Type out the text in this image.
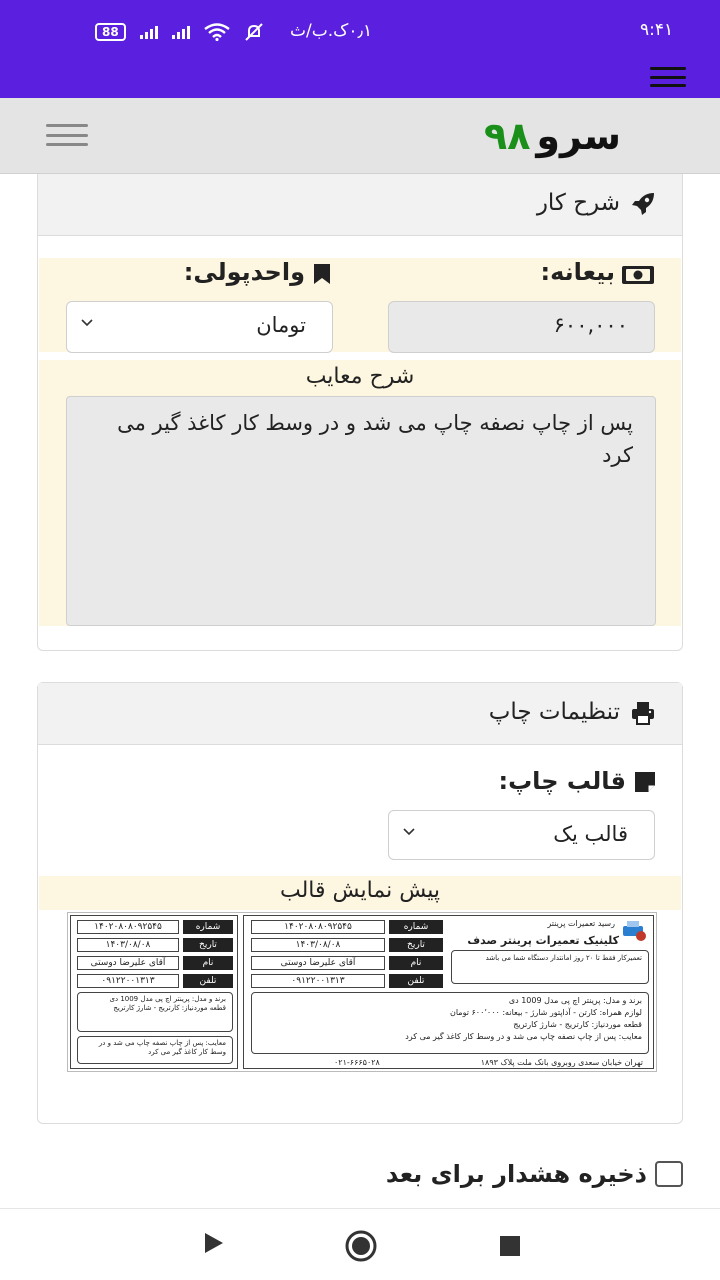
88	۰٫۱ک.ب/ث	۹:۴۱
۹۸ سرو
شرح کار
بیعانه:
واحدپولی:
۶۰۰,۰۰۰
تومان
شرح معایب
پس از چاپ نصفه چاپ می شد و در وسط کار کاغذ گیر می کرد
تنظیمات چاپ
قالب چاپ:
قالب یک
پیش نمایش قالب
رسید تعمیرات پرینتر
کلینیک تعمیرات پرینتر صدف
تعمیرکار فقط تا ۲۰ روز امانتدار دستگاه شما می باشد
شماره
۱۴۰۲۰۸۰۸۰۹۲۵۴۵
تاریخ
۱۴۰۳/۰۸/۰۸
نام
آقای علیرضا دوستی
تلفن
۰۹۱۲۲۰۰۱۳۱۳
برند و مدل: پرینتر اچ پی مدل 1009 دی
لوازم همراه: کارتن - آداپتور شارژ - بیعانه: ۶۰۰٬۰۰۰ تومان
قطعه موردنیاز: کارتریج - شارژ کارتریج
معایب: پس از چاپ نصفه چاپ می شد و در وسط کار کاغذ گیر می کرد
تهران خیابان سعدی روبروی بانک ملت پلاک ۱۸۹۳
۰۲۱-۶۶۶۵۰۲۸
شماره
۱۴۰۲۰۸۰۸۰۹۲۵۴۵
تاریخ
۱۴۰۳/۰۸/۰۸
نام
آقای علیرضا دوستی
تلفن
۰۹۱۲۲۰۰۱۳۱۳
برند و مدل: پرینتر اچ پی مدل 1009 دی
قطعه موردنیاز: کارتریج - شارژ کارتریج
معایب: پس از چاپ نصفه چاپ می شد و در وسط کار کاغذ گیر می کرد
ذخیره هشدار برای بعد
